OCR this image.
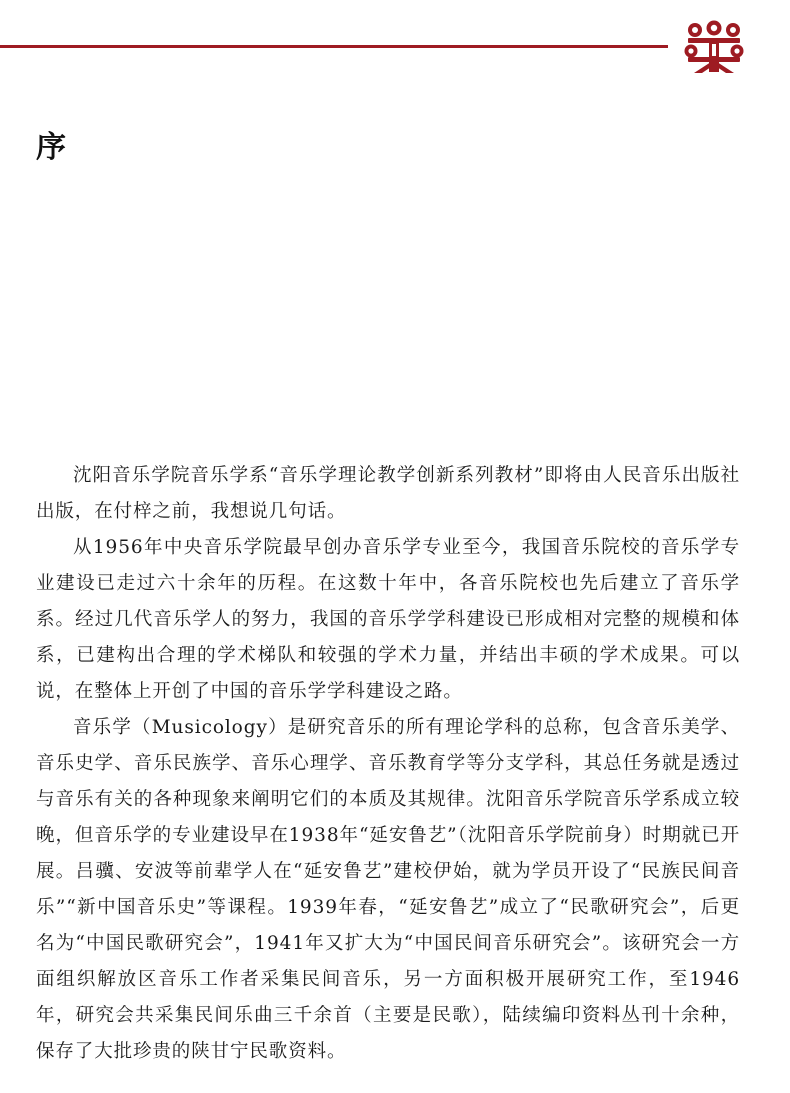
序

沈阳音乐学院音乐学系“音乐学理论教学创新系列教材”即将由人民音乐出版社出版，在付梓之前，我想说几句话。

从1956年中央音乐学院最早创办音乐学专业至今，我国音乐院校的音乐学专业建设已走过六十余年的历程。在这数十年中，各音乐院校也先后建立了音乐学系。经过几代音乐学人的努力，我国的音乐学学科建设已形成相对完整的规模和体系，已建构出合理的学术梯队和较强的学术力量，并结出丰硕的学术成果。可以说，在整体上开创了中国的音乐学学科建设之路。

音乐学（Musicology）是研究音乐的所有理论学科的总称，包含音乐美学、音乐史学、音乐民族学、音乐心理学、音乐教育学等分支学科，其总任务就是透过与音乐有关的各种现象来阐明它们的本质及其规律。沈阳音乐学院音乐学系成立较晚，但音乐学的专业建设早在1938年“延安鲁艺”（沈阳音乐学院前身）时期就已开展。吕骥、安波等前辈学人在“延安鲁艺”建校伊始，就为学员开设了“民族民间音乐”“新中国音乐史”等课程。1939年春，“延安鲁艺”成立了“民歌研究会”，后更名为“中国民歌研究会”，1941年又扩大为“中国民间音乐研究会”。该研究会一方面组织解放区音乐工作者采集民间音乐，另一方面积极开展研究工作，至1946年，研究会共采集民间乐曲三千余首（主要是民歌），陆续编印资料丛刊十余种，保存了大批珍贵的陕甘宁民歌资料。
